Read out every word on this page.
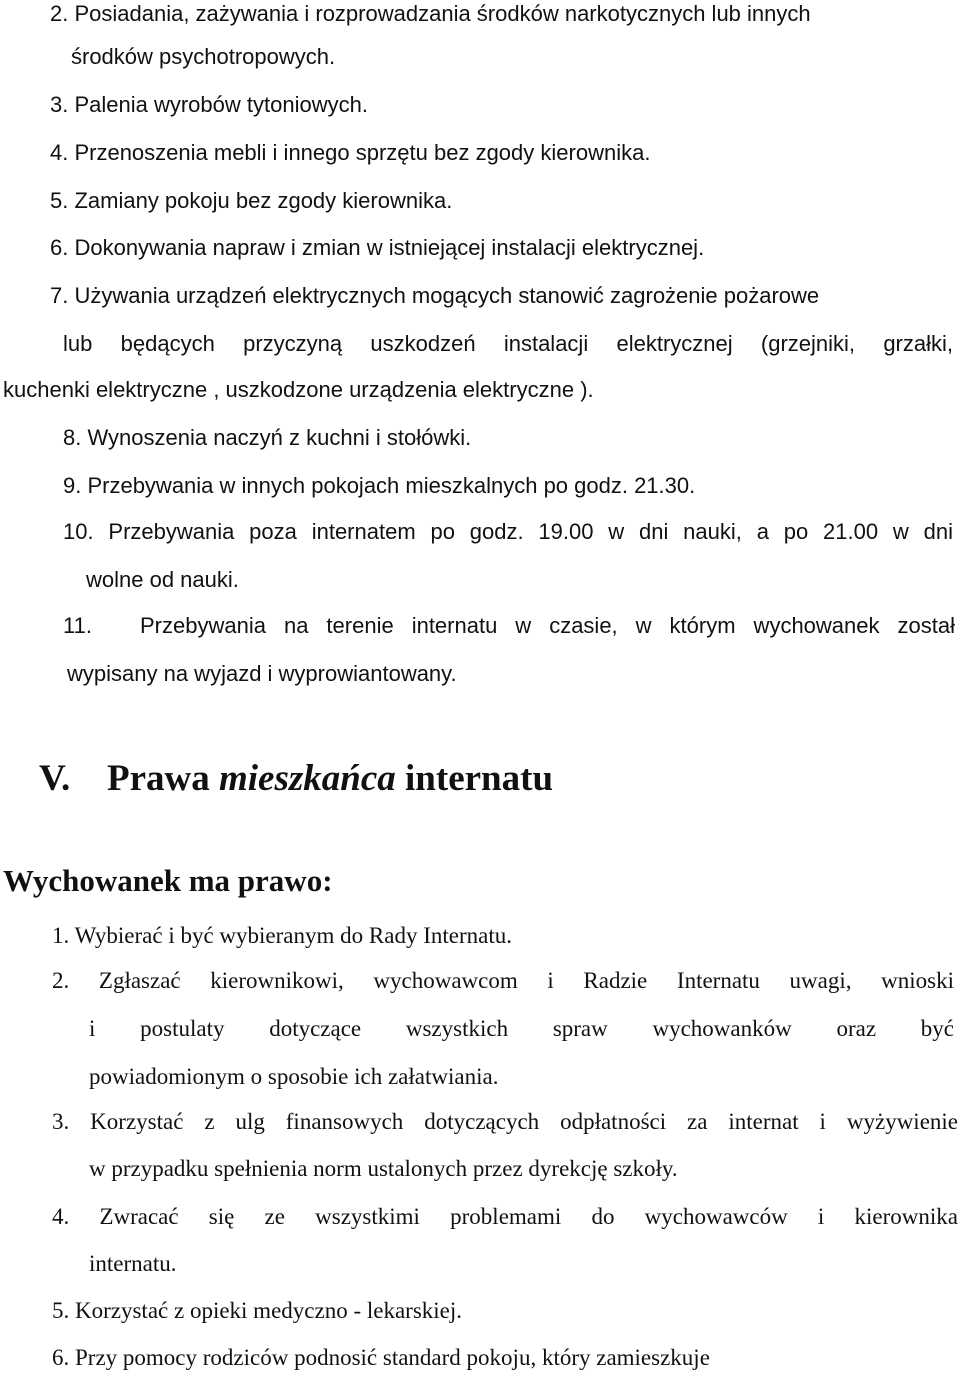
2. Posiadania, zażywania i rozprowadzania środków narkotycznych lub innych
środków psychotropowych.
3. Palenia wyrobów tytoniowych.
4. Przenoszenia mebli i innego sprzętu bez zgody kierownika.
5. Zamiany pokoju bez zgody kierownika.
6. Dokonywania napraw i zmian w istniejącej instalacji elektrycznej.
7. Używania urządzeń elektrycznych mogących stanowić zagrożenie pożarowe
lub będących przyczyną uszkodzeń instalacji elektrycznej (grzejniki, grzałki,
kuchenki elektryczne , uszkodzone urządzenia elektryczne ).
8. Wynoszenia naczyń z kuchni i stołówki.
9. Przebywania w innych pokojach mieszkalnych po godz. 21.30.
10. Przebywania poza internatem po godz. 19.00 w dni nauki, a po 21.00 w dni
wolne od nauki.
11. Przebywania na terenie internatu w czasie, w którym wychowanek został
wypisany na wyjazd i wyprowiantowany.
V. Prawa mieszkańca internatu
Wychowanek ma prawo:
1. Wybierać i być wybieranym do Rady Internatu.
2. Zgłaszać kierownikowi, wychowawcom i Radzie Internatu uwagi, wnioski
i postulaty dotyczące wszystkich spraw wychowanków oraz być
powiadomionym o sposobie ich załatwiania.
3. Korzystać z ulg finansowych dotyczących odpłatności za internat i wyżywienie
w przypadku spełnienia norm ustalonych przez dyrekcję szkoły.
4. Zwracać się ze wszystkimi problemami do wychowawców i kierownika
internatu.
5. Korzystać z opieki medyczno - lekarskiej.
6. Przy pomocy rodziców podnosić standard pokoju, który zamieszkuje
